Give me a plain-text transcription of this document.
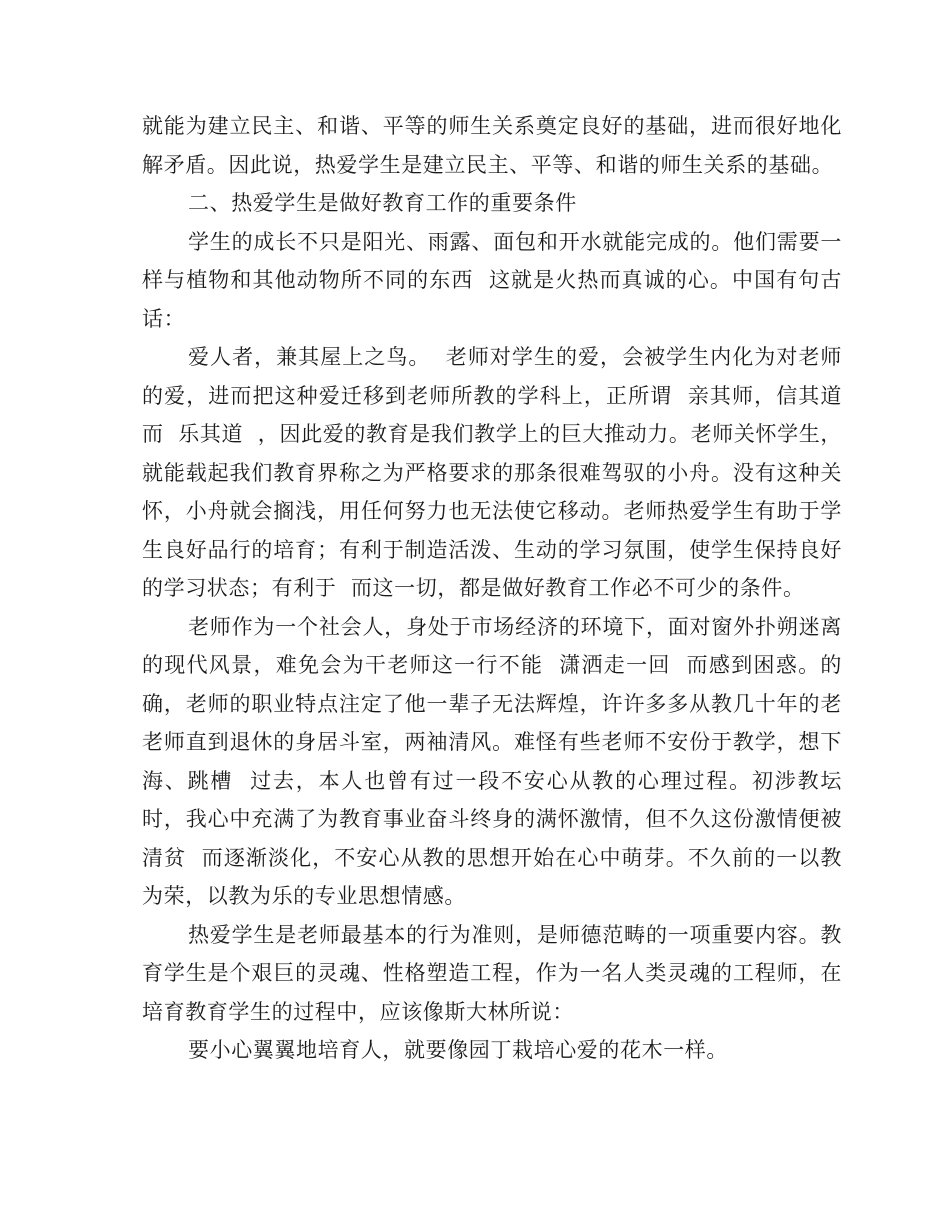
就能为建立民主、和谐、平等的师生关系奠定良好的基础，进而很好地化解矛盾。因此说，热爱学生是建立民主、平等、和谐的师生关系的基础。

二、热爱学生是做好教育工作的重要条件

学生的成长不只是阳光、雨露、面包和开水就能完成的。他们需要一样与植物和其他动物所不同的东西  这就是火热而真诚的心。中国有句古话：

爱人者，兼其屋上之鸟。  老师对学生的爱，会被学生内化为对老师的爱，进而把这种爱迁移到老师所教的学科上，正所谓  亲其师，信其道  而  乐其道  ，因此爱的教育是我们教学上的巨大推动力。老师关怀学生，就能载起我们教育界称之为严格要求的那条很难驾驭的小舟。没有这种关怀，小舟就会搁浅，用任何努力也无法使它移动。老师热爱学生有助于学生良好品行的培育；有利于制造活泼、生动的学习氛围，使学生保持良好的学习状态；有利于  而这一切，都是做好教育工作必不可少的条件。

老师作为一个社会人，身处于市场经济的环境下，面对窗外扑朔迷离的现代风景，难免会为干老师这一行不能  潇洒走一回  而感到困惑。的确，老师的职业特点注定了他一辈子无法辉煌，许许多多从教几十年的老老师直到退休的身居斗室，两袖清风。难怪有些老师不安份于教学，想下海、跳槽  过去，本人也曾有过一段不安心从教的心理过程。初涉教坛时，我心中充满了为教育事业奋斗终身的满怀激情，但不久这份激情便被  清贫  而逐渐淡化，不安心从教的思想开始在心中萌芽。不久前的一以教为荣，以教为乐的专业思想情感。

热爱学生是老师最基本的行为准则，是师德范畴的一项重要内容。教育学生是个艰巨的灵魂、性格塑造工程，作为一名人类灵魂的工程师，在培育教育学生的过程中，应该像斯大林所说：

要小心翼翼地培育人，就要像园丁栽培心爱的花木一样。
